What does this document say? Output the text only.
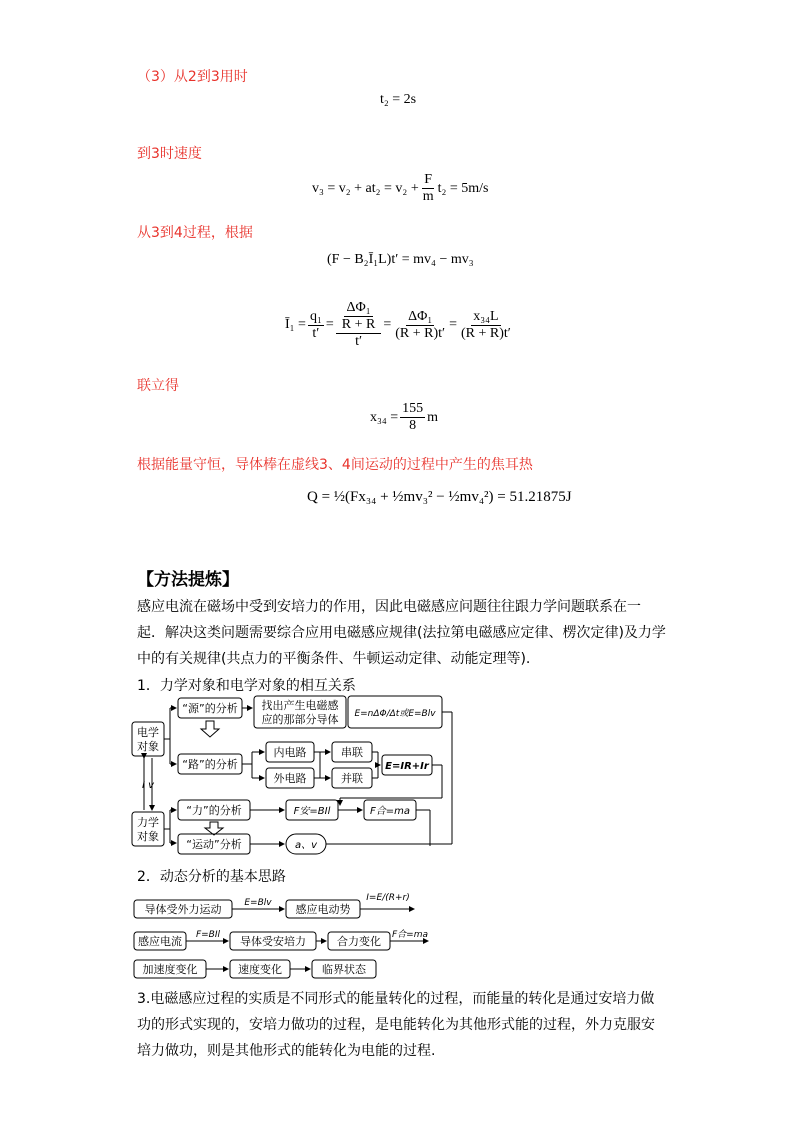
（3）从2到3用时
t₂ = 2s
到3时速度
$v_3 = v_2 + at_2 = v_2 + \frac{F}{m} t_2 = 5m/s$
从3到4过程，根据
(F − B₂Ī₁L)t′ = mv₄ − mv₃
Ī₁ = $\frac{\text{q₁}}{t'} = \frac{\frac{\text{ΔΦ₁}}{R + R}}{t'} = \frac{\text{ΔΦ₁}}{(R + R)t'} = \frac{\text{x₃₄L}}{(R + R)t'}$
联立得
$x_{34} = \frac{155}{8}$ m
根据能量守恒，导体棒在虚线3、4间运动的过程中产生的焦耳热
Q = ½(Fx₃₄ + ½mv₃² − ½mv₄²) = 51.21875J
【方法提炼】
感应电流在磁场中受到安培力的作用，因此电磁感应问题往往跟力学问题联系在一起．解决这类问题需要综合应用电磁感应规律(法拉第电磁感应定律、楞次定律)及力学中的有关规律(共点力的平衡条件、牛顿运动定律、动能定理等).
1．力学对象和电学对象的相互关系
电学
对象
力学
对象
I v
“源”的分析 找出产生电磁感
应的那部分导体 E=nΔΦ/Δt或E=Blv
“路”的分析
内电路
外电路
串联
并联
E=IR+Ir
“力”的分析	F安=BIl	F合=ma
“运动”分析	a、v
2．动态分析的基本思路
导体受外力运动	E=Blv 感应电动势
I=E/(R+r)
感应电流 F=BIl 导体受安培力	合力变化 F合=ma
加速度变化	速度变化	临界状态
3.电磁感应过程的实质是不同形式的能量转化的过程，而能量的转化是通过安培力做功的形式实现的，安培力做功的过程，是电能转化为其他形式能的过程，外力克服安培力做功，则是其他形式的能转化为电能的过程.
